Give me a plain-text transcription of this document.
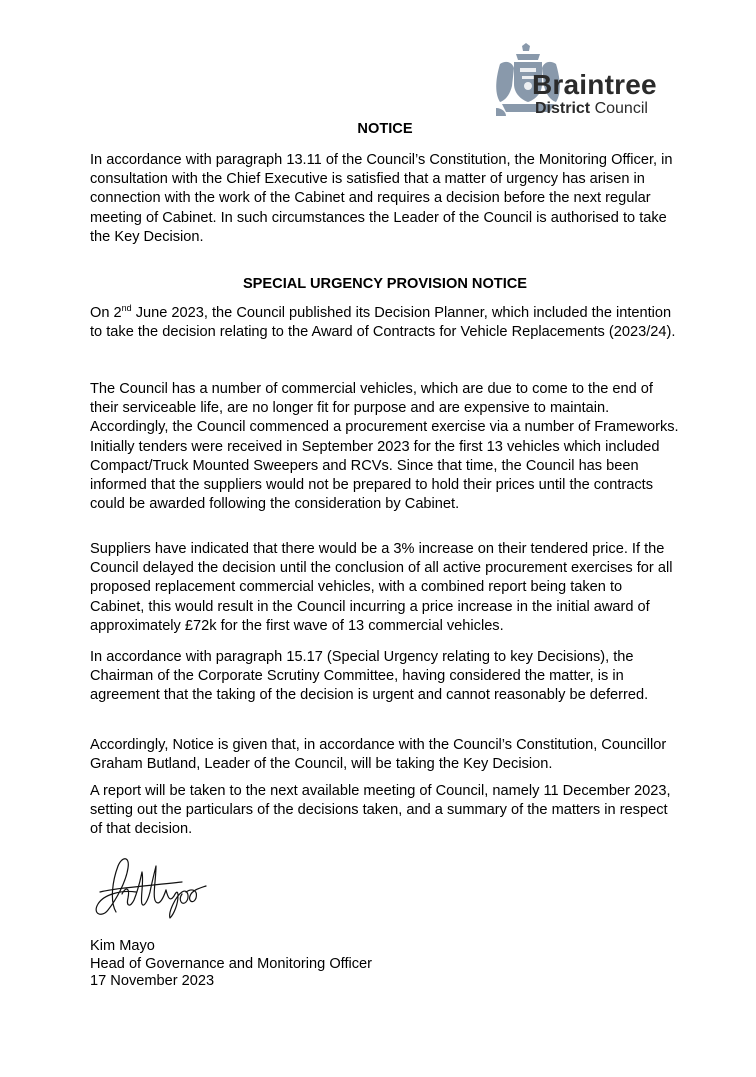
Braintree
District Council
NOTICE
In accordance with paragraph 13.11 of the Council’s Constitution, the Monitoring Officer, in consultation with the Chief Executive is satisfied that a matter of urgency has arisen in connection with the work of the Cabinet and requires a decision before the next regular meeting of Cabinet. In such circumstances the Leader of the Council is authorised to take the Key Decision.
SPECIAL URGENCY PROVISION NOTICE
On 2nd June 2023, the Council published its Decision Planner, which included the intention to take the decision relating to the Award of Contracts for Vehicle Replacements (2023/24).
The Council has a number of commercial vehicles, which are due to come to the end of their serviceable life, are no longer fit for purpose and are expensive to maintain. Accordingly, the Council commenced a procurement exercise via a number of Frameworks. Initially tenders were received in September 2023 for the first 13 vehicles which included Compact/Truck Mounted Sweepers and RCVs. Since that time, the Council has been informed that the suppliers would not be prepared to hold their prices until the contracts could be awarded following the consideration by Cabinet.
Suppliers have indicated that there would be a 3% increase on their tendered price. If the Council delayed the decision until the conclusion of all active procurement exercises for all proposed replacement commercial vehicles, with a combined report being taken to Cabinet, this would result in the Council incurring a price increase in the initial award of approximately £72k for the first wave of 13 commercial vehicles.
In accordance with paragraph 15.17 (Special Urgency relating to key Decisions), the Chairman of the Corporate Scrutiny Committee, having considered the matter, is in agreement that the taking of the decision is urgent and cannot reasonably be deferred.
Accordingly, Notice is given that, in accordance with the Council’s Constitution, Councillor Graham Butland, Leader of the Council, will be taking the Key Decision.
A report will be taken to the next available meeting of Council, namely 11 December 2023, setting out the particulars of the decisions taken, and a summary of the matters in respect of that decision.
Kim Mayo
Head of Governance and Monitoring Officer
17 November 2023
